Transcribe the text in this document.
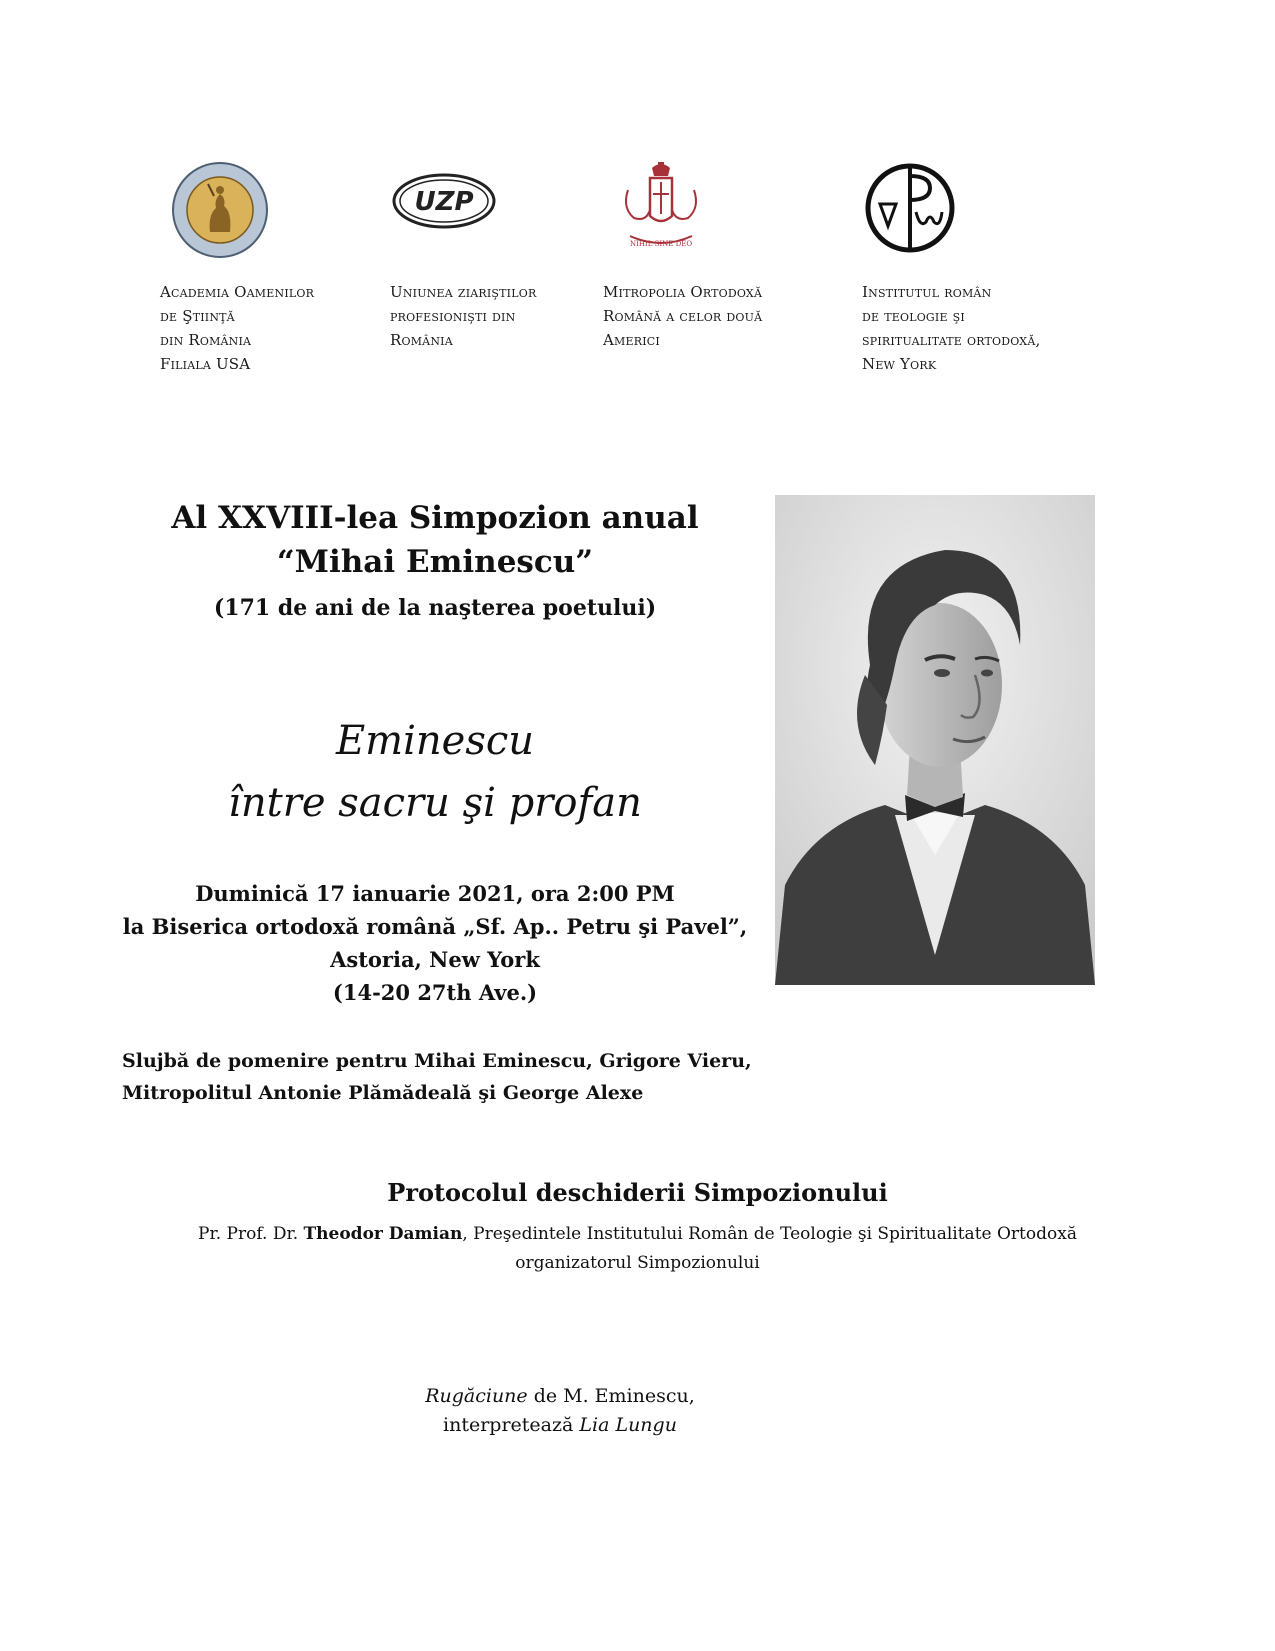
UZP
NIHIL SINE DEO
Academia Oamenilor
de Ştiinţă
din România
Filiala USA
Uniunea ziariştilor
profesionişti din
România
Mitropolia Ortodoxă
Română a celor două
Americi
Institutul român
de teologie şi
spiritualitate ortodoxă,
New York
Al XXVIII-lea Simpozion anual
“Mihai Eminescu”
(171 de ani de la naşterea poetului)
Eminescu
între sacru şi profan
Duminică 17 ianuarie 2021, ora 2:00 PM
la Biserica ortodoxă română „Sf. Ap.. Petru şi Pavel”,
Astoria, New York
(14-20 27th Ave.)
Slujbă de pomenire pentru Mihai Eminescu, Grigore Vieru,
Mitropolitul Antonie Plămădeală şi George Alexe
Protocolul deschiderii Simpozionului
Pr. Prof. Dr. Theodor Damian, Preşedintele Institutului Român de Teologie şi Spiritualitate Ortodoxă
organizatorul Simpozionului
Rugăciune de M. Eminescu,
interpretează Lia Lungu
